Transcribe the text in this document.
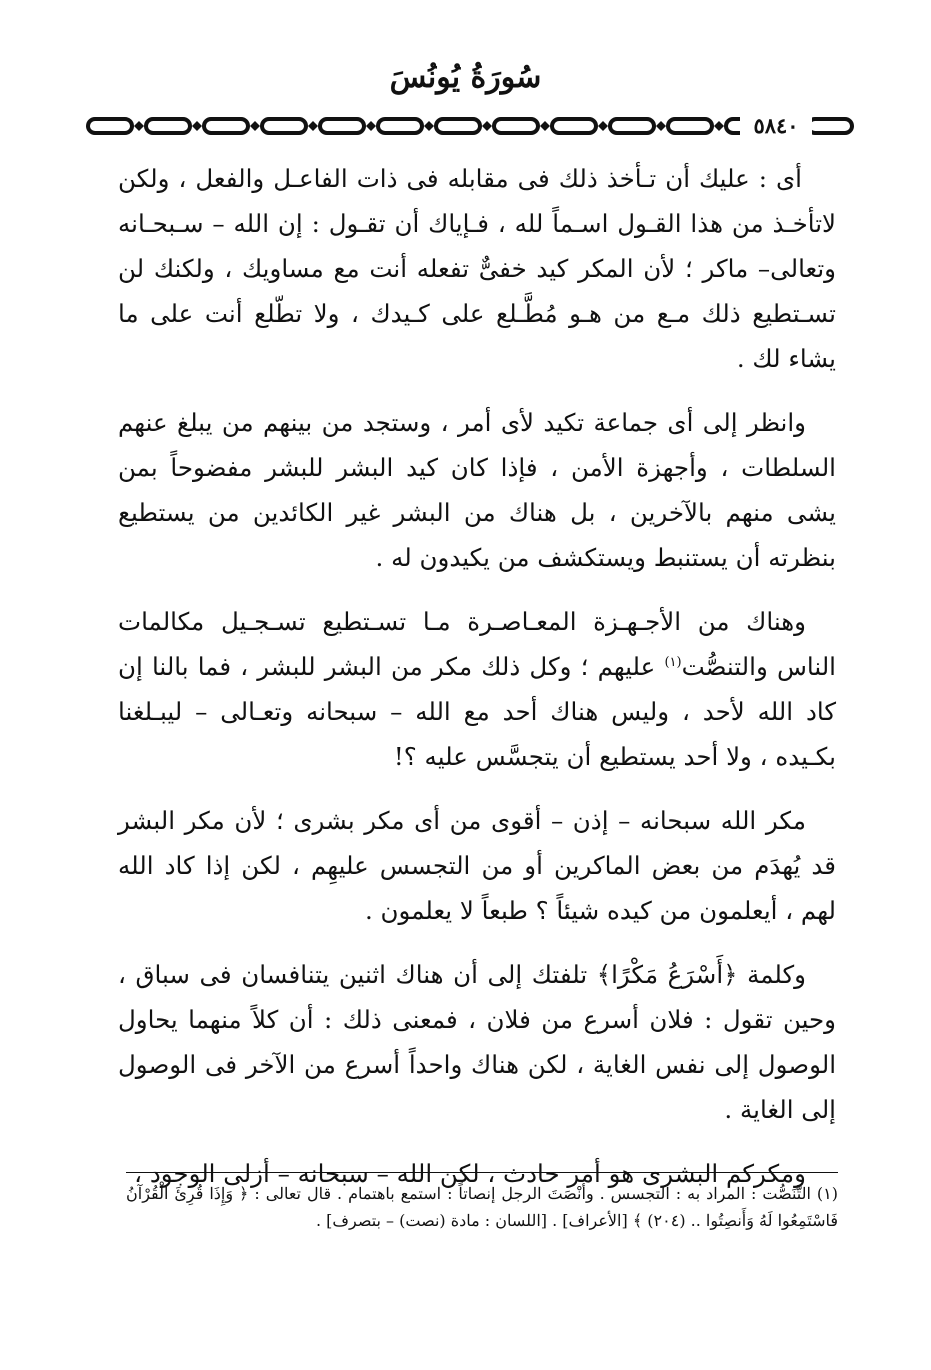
سُورَةُ يُونُسَ
٥٨٤٠

أى : عليك أن تـأخذ ذلك فى مقابله فى ذات الفاعـل والفعل ، ولكن لاتأخـذ من هذا القـول اسـماً لله ، فـإياك أن تقـول : إن الله – سـبحـانه وتعالى– ماكر ؛ لأن المكر كيد خفىٌّ تفعله أنت مع مساويك ، ولكنك لن تسـتطيع ذلك مـع من هـو مُطَّـلع على كـيدك ، ولا تطّلع أنت على ما يشاء لك .

وانظر إلى أى جماعة تكيد لأى أمر ، وستجد من بينهم من يبلغ عنهم السلطات ، وأجهزة الأمن ، فإذا كان كيد البشر للبشر مفضوحاً بمن يشى منهم بالآخرين ، بل هناك من البشر غير الكائدين من يستطيع بنظرته أن يستنبط ويستكشف من يكيدون له .

وهناك من الأجـهـزة المعـاصـرة مـا تسـتطيع تسـجـيل مكالمات الناس والتنصُّت$^{(١)}$ عليهم ؛ وكل ذلك مكر من البشر للبشر ، فما بالنا إن كاد الله لأحد ، وليس هناك أحد مع الله – سبحانه وتعـالى – ليبـلغنا بكـيده ، ولا أحد يستطيع أن يتجسَّس عليه ؟!

مكر الله سبحانه – إذن – أقوى من أى مكر بشرى ؛ لأن مكر البشر قد يُهدَم من بعض الماكرين أو من التجسس عليهِم ، لكن إذا كاد الله لهم ، أيعلمون من كيده شيئاً ؟ طبعاً لا يعلمون .

وكلمة ﴿أَسْرَعُ مَكْرًا﴾ تلفتك إلى أن هناك اثنين يتنافسان فى سباق ، وحين تقول : فلان أسرع من فلان ، فمعنى ذلك : أن كلاً منهما يحاول الوصول إلى نفس الغاية ، لكن هناك واحداً أسرع من الآخر فى الوصول إلى الغاية .

ومكركم البشرى هو أمر حادث ، لكن الله – سبحانه – أزلى الوجود ،

(١) التَّنَصُّت : المراد به : التجسس . وأنْصَتَ الرجل إنصاتاً : استمع باهتمام . قال تعالى : ﴿ وَإِذَا قُرِئَ الْقُرْآنُ فَاسْتَمِعُوا لَهُ وَأَنصِتُوا .. (٢٠٤) ﴾ [الأعراف] . [اللسان : مادة (نصت) – بتصرف] .
